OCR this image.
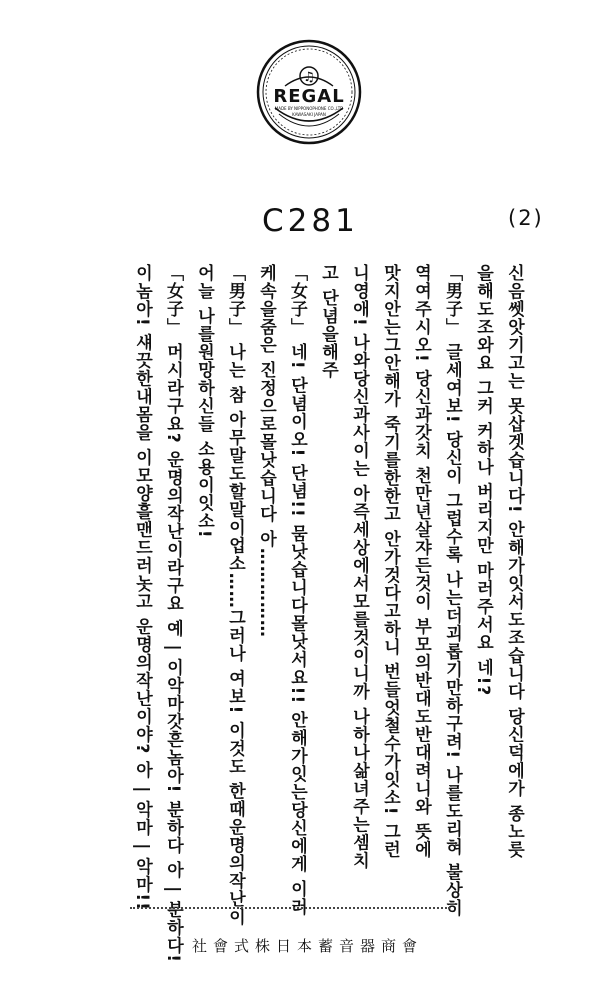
♫
REGAL
MADE BY NIPPONOPHONE CO.,LTD
KAWASAKI JAPAN
C281	(2)
신음쎗앗기고는 못삽겟습니다! 안해가잇서도조습니다 당신덕에가 종노릇
을해도조와요 그커 커하나 버리지만 마러주서요 네!?
「男子」 글세여보! 당신이 그럽수록 나는더괴롭기만하구려! 나를도리혀 불상히
역여주시오! 당신과갓치 천만년살쟈든것이 부모의반대도반대려니와 뜻에
맛지안는그안해가 죽기를한한고 안가것다고하니 번들엇철수가잇소! 그런
니영애! 나와당신과사이는 아즉세상에서모를것이니까 나하나삶녀주는셈치
고 단념을해주
「女子」 네! 단념이오! 단념!! 뭄낫습니다몰낫서요!! 안해가잇는당신에게 이러
케속을줌은 진정으로몰낫습니다 아……………
「男子」 나는 참 아무말도할말이업소……그러나 여보! 이것도 한때운명의작난이
어늘 나를원망하신들 소용이잇소!
「女子」 머시라구요? 운명의작난이라구요 예 | 이악마갓흔놈아! 분하다 아 | 분하다!
이놈아! 섀끗한내몸을 이모양흘맨드러놋고 운명의작난이야? 아 | 악마 | 악마!!
社會式株日本蓄音器商會
